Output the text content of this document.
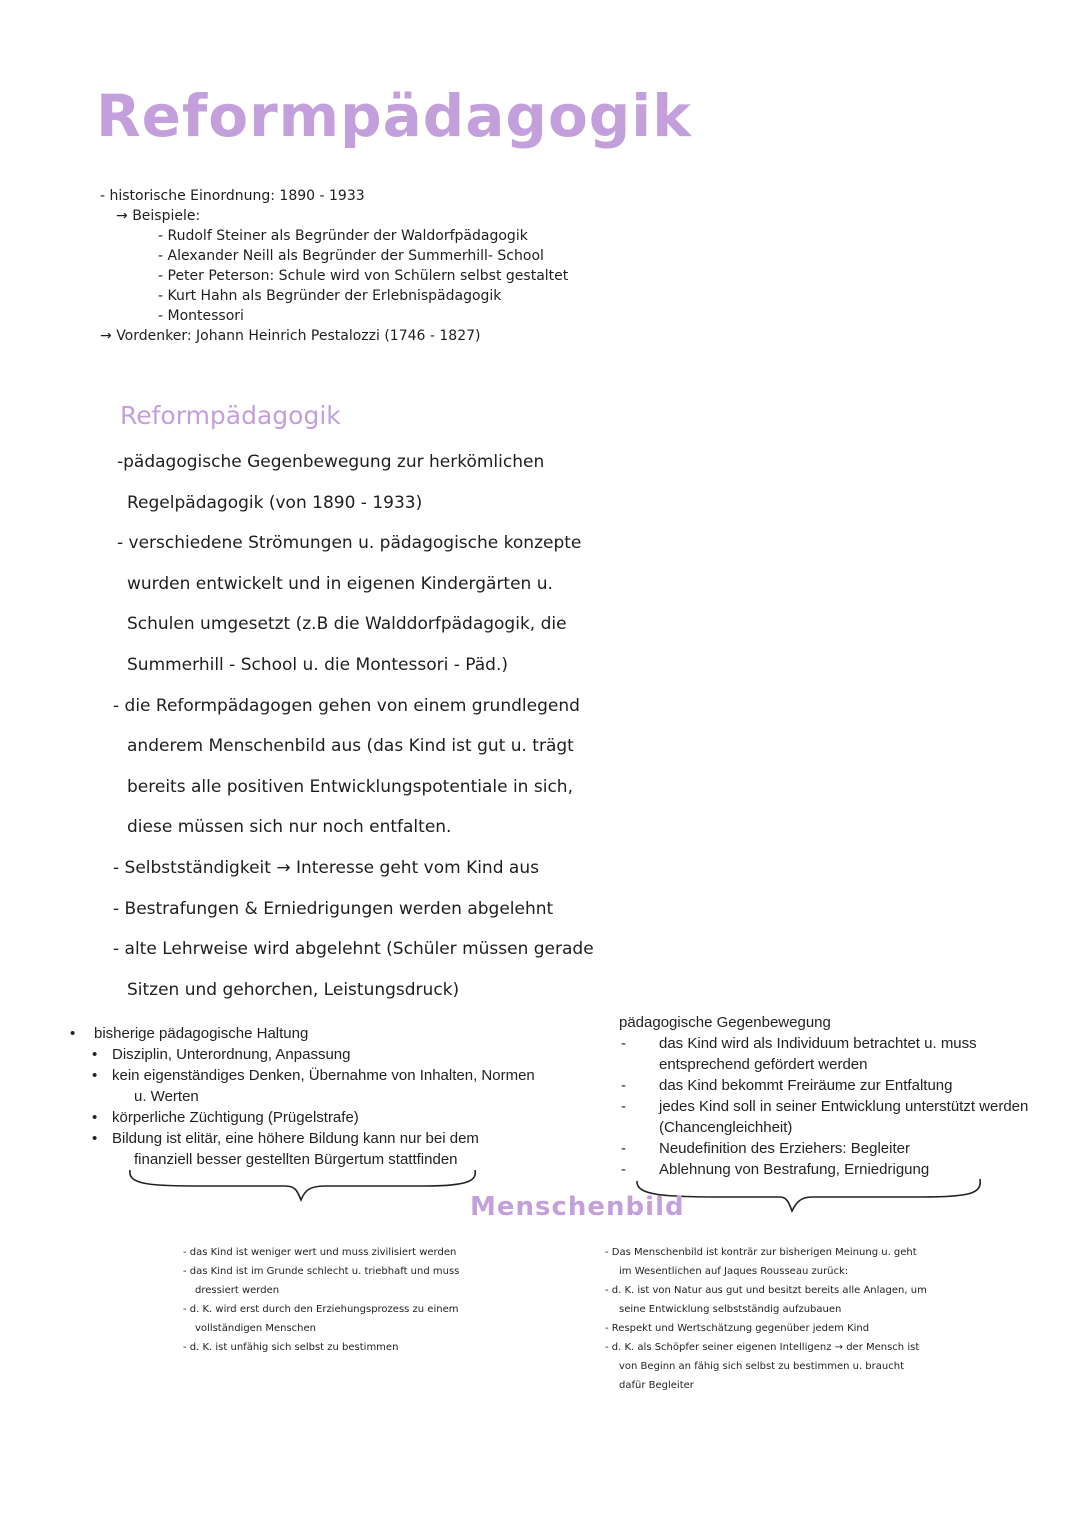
Reformpädagogik
- historische Einordnung: 1890 - 1933
→ Beispiele:
- Rudolf Steiner als Begründer der Waldorfpädagogik
- Alexander Neill als Begründer der Summerhill- School
- Peter Peterson: Schule wird von Schülern selbst gestaltet
- Kurt Hahn als Begründer der Erlebnispädagogik
- Montessori
→ Vordenker: Johann Heinrich Pestalozzi (1746 - 1827)
Reformpädagogik
-pädagogische Gegenbewegung zur herkömlichen
Regelpädagogik (von 1890 - 1933)
- verschiedene Strömungen u. pädagogische konzepte
wurden entwickelt und in eigenen Kindergärten u.
Schulen umgesetzt (z.B die Walddorfpädagogik, die
Summerhill - School u. die Montessori - Päd.)
- die Reformpädagogen gehen von einem grundlegend
anderem Menschenbild aus (das Kind ist gut u. trägt
bereits alle positiven Entwicklungspotentiale in sich,
diese müssen sich nur noch entfalten.
- Selbstständigkeit → Interesse geht vom Kind aus
- Bestrafungen & Erniedrigungen werden abgelehnt
- alte Lehrweise wird abgelehnt (Schüler müssen gerade
Sitzen und gehorchen, Leistungsdruck)
• bisherige pädagogische Haltung
• Disziplin, Unterordnung, Anpassung
• kein eigenständiges Denken, Übernahme von Inhalten, Normen
u. Werten
• körperliche Züchtigung (Prügelstrafe)
• Bildung ist elitär, eine höhere Bildung kann nur bei dem
finanziell besser gestellten Bürgertum stattfinden
pädagogische Gegenbewegung
- das Kind wird als Individuum betrachtet u. muss
entsprechend gefördert werden
- das Kind bekommt Freiräume zur Entfaltung
- jedes Kind soll in seiner Entwicklung unterstützt werden
(Chancengleichheit)
- Neudefinition des Erziehers: Begleiter
- Ablehnung von Bestrafung, Erniedrigung
Menschenbild
- das Kind ist weniger wert und muss zivilisiert werden
- das Kind ist im Grunde schlecht u. triebhaft und muss
dressiert werden
- d. K. wird erst durch den Erziehungsprozess zu einem
vollständigen Menschen
- d. K. ist unfähig sich selbst zu bestimmen
- Das Menschenbild ist konträr zur bisherigen Meinung u. geht
im Wesentlichen auf Jaques Rousseau zurück:
- d. K. ist von Natur aus gut und besitzt bereits alle Anlagen, um
seine Entwicklung selbstständig aufzubauen
- Respekt und Wertschätzung gegenüber jedem Kind
- d. K. als Schöpfer seiner eigenen Intelligenz → der Mensch ist
von Beginn an fähig sich selbst zu bestimmen u. braucht
dafür Begleiter
